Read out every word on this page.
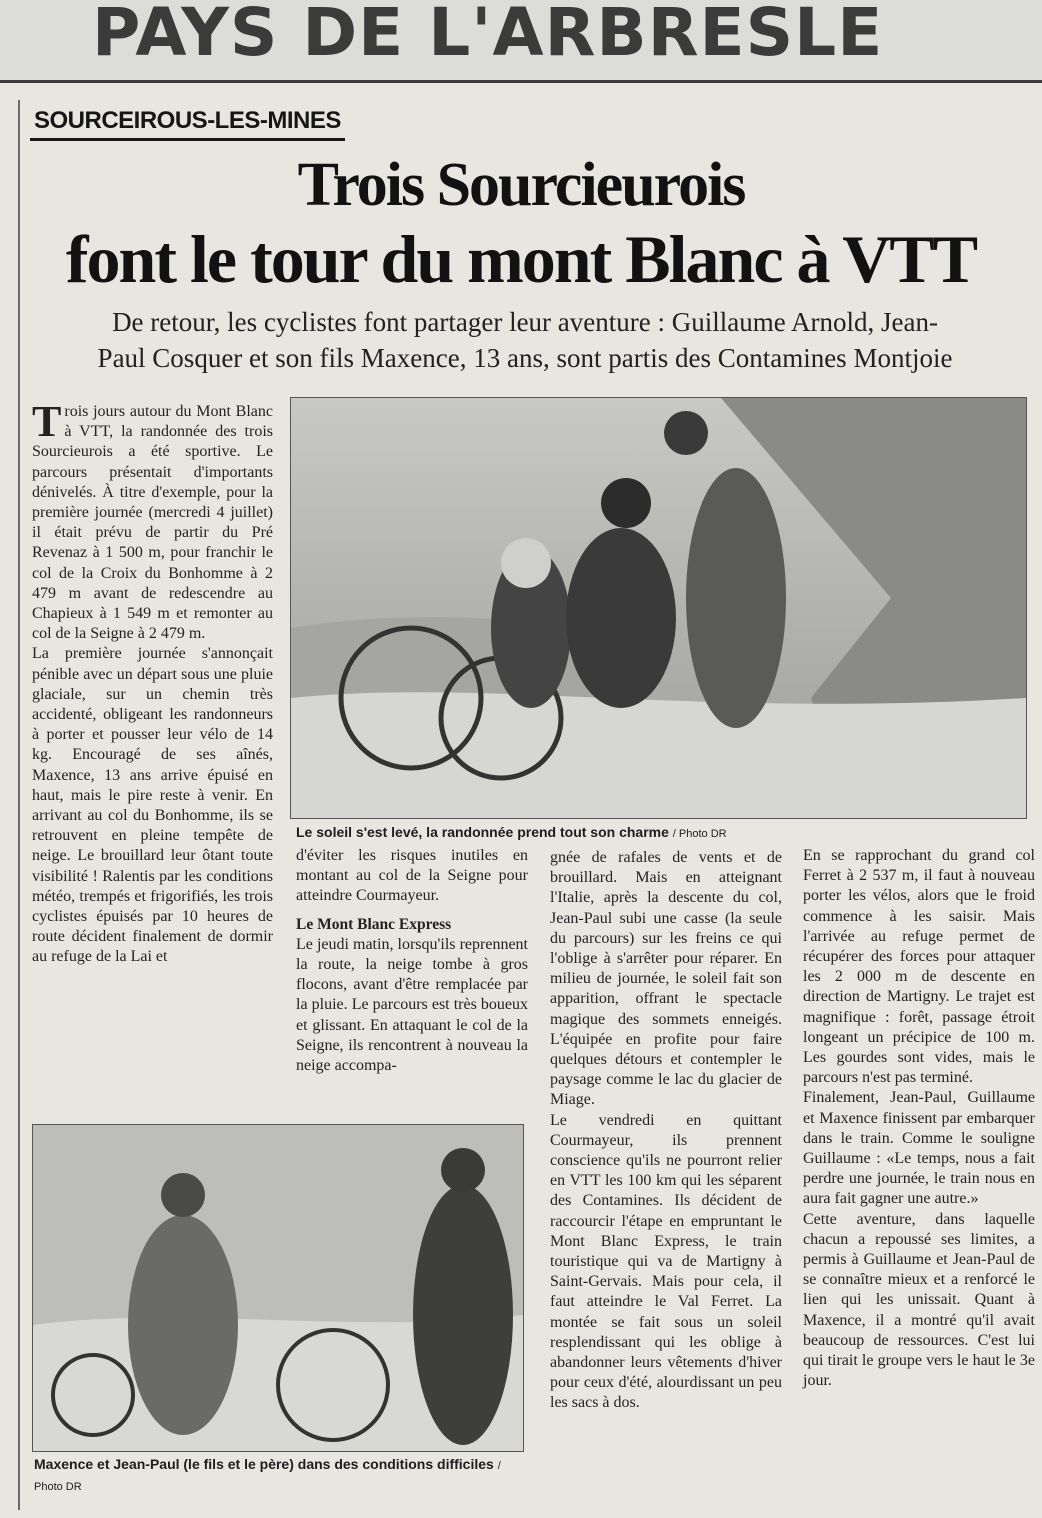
PAYS DE L'ARBRESLE
SOURCEIROUS-LES-MINES
Trois Sourcieurois
font le tour du mont Blanc à VTT
De retour, les cyclistes font partager leur aventure : Guillaume Arnold, Jean-
Paul Cosquer et son fils Maxence, 13 ans, sont partis des Contamines Montjoie

Trois jours autour du Mont Blanc à VTT, la randonnée des trois Sourcieurois a été sportive. Le parcours présentait d'importants dénivelés. À titre d'exemple, pour la première journée (mercredi 4 juillet) il était prévu de partir du Pré Revenaz à 1 500 m, pour franchir le col de la Croix du Bonhomme à 2 479 m avant de redescendre au Chapieux à 1 549 m et remonter au col de la Seigne à 2 479 m.

La première journée s'annonçait pénible avec un départ sous une pluie glaciale, sur un chemin très accidenté, obligeant les randonneurs à porter et pousser leur vélo de 14 kg. Encouragé de ses aînés, Maxence, 13 ans arrive épuisé en haut, mais le pire reste à venir. En arrivant au col du Bonhomme, ils se retrouvent en pleine tempête de neige. Le brouillard leur ôtant toute visibilité ! Ralentis par les conditions météo, trempés et frigorifiés, les trois cyclistes épuisés par 10 heures de route décident finalement de dormir au refuge de la Lai et

Le soleil s'est levé, la randonnée prend tout son charme / Photo DR

d'éviter les risques inutiles en montant au col de la Seigne pour atteindre Courmayeur.

Le Mont Blanc Express

Le jeudi matin, lorsqu'ils reprennent la route, la neige tombe à gros flocons, avant d'être remplacée par la pluie. Le parcours est très boueux et glissant. En attaquant le col de la Seigne, ils rencontrent à nouveau la neige accompa-

gnée de rafales de vents et de brouillard. Mais en atteignant l'Italie, après la descente du col, Jean-Paul subi une casse (la seule du parcours) sur les freins ce qui l'oblige à s'arrêter pour réparer. En milieu de journée, le soleil fait son apparition, offrant le spectacle magique des sommets enneigés. L'équipée en profite pour faire quelques détours et contempler le paysage comme le lac du glacier de Miage.

Le vendredi en quittant Courmayeur, ils prennent conscience qu'ils ne pourront relier en VTT les 100 km qui les séparent des Contamines. Ils décident de raccourcir l'étape en empruntant le Mont Blanc Express, le train touristique qui va de Martigny à Saint-Gervais. Mais pour cela, il faut atteindre le Val Ferret. La montée se fait sous un soleil resplendissant qui les oblige à abandonner leurs vêtements d'hiver pour ceux d'été, alourdissant un peu les sacs à dos.

En se rapprochant du grand col Ferret à 2 537 m, il faut à nouveau porter les vélos, alors que le froid commence à les saisir. Mais l'arrivée au refuge permet de récupérer des forces pour attaquer les 2 000 m de descente en direction de Martigny. Le trajet est magnifique : forêt, passage étroit longeant un précipice de 100 m. Les gourdes sont vides, mais le parcours n'est pas terminé.

Finalement, Jean-Paul, Guillaume et Maxence finissent par embarquer dans le train. Comme le souligne Guillaume : «Le temps, nous a fait perdre une journée, le train nous en aura fait gagner une autre.»

Cette aventure, dans laquelle chacun a repoussé ses limites, a permis à Guillaume et Jean-Paul de se connaître mieux et a renforcé le lien qui les unissait. Quant à Maxence, il a montré qu'il avait beaucoup de ressources. C'est lui qui tirait le groupe vers le haut le 3e jour.

Maxence et Jean-Paul (le fils et le père) dans des conditions difficiles / Photo DR
